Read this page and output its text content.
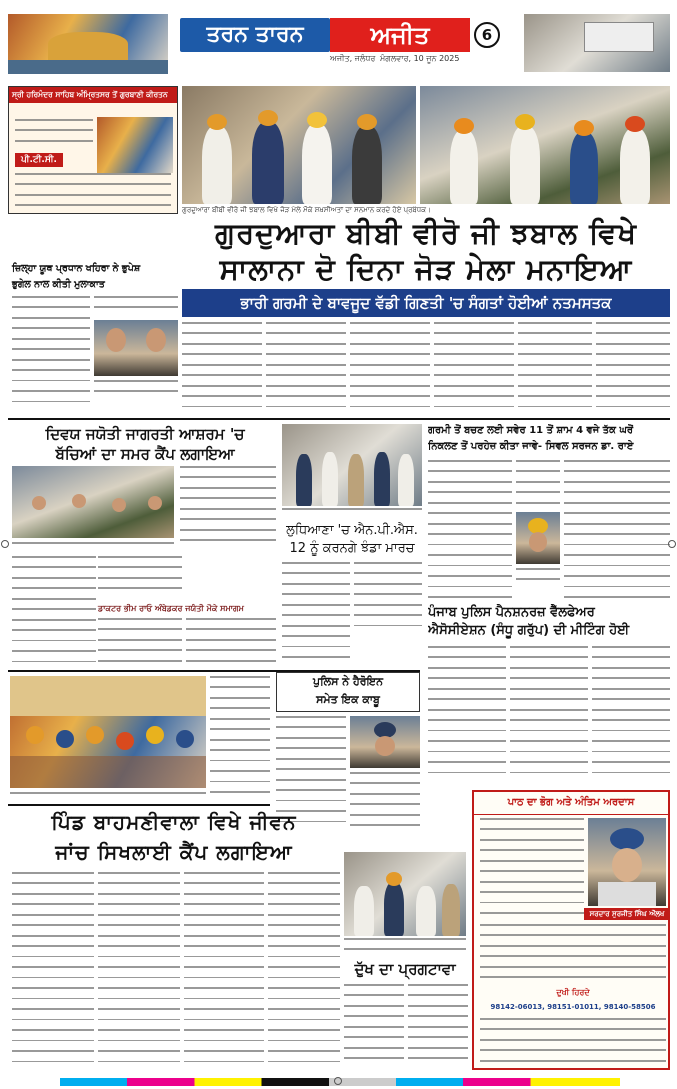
ਤਰਨ ਤਾਰਨ	ਅਜੀਤ	6
ਅਜੀਤ, ਜਲੰਧਰ ਮੰਗਲਵਾਰ, 10 ਜੂਨ 2025
ਸ੍ਰੀ ਹਰਿਮੰਦਰ ਸਾਹਿਬ ਅੰਮ੍ਰਿਤਸਰ ਤੋਂ ਗੁਰਬਾਣੀ ਕੀਰਤਨ
ਪੀ.ਟੀ.ਸੀ.
ਗੁਰਦੁਆਰਾ ਬੀਬੀ ਵੀਰੋ ਜੀ ਝਬਾਲ ਵਿਖੇ ਜੋੜ ਮੇਲੇ ਮੌਕੇ ਸ਼ਖ਼ਸੀਅਤਾਂ ਦਾ ਸਨਮਾਨ ਕਰਦੇ ਹੋਏ ਪ੍ਰਬੰਧਕ।
ਗੁਰਦੁਆਰਾ ਬੀਬੀ ਵੀਰੋ ਜੀ ਝਬਾਲ ਵਿਖੇ
ਸਾਲਾਨਾ ਦੋ ਦਿਨਾ ਜੋੜ ਮੇਲਾ ਮਨਾਇਆ
ਭਾਰੀ ਗਰਮੀ ਦੇ ਬਾਵਜੂਦ ਵੱਡੀ ਗਿਣਤੀ 'ਚ ਸੰਗਤਾਂ ਹੋਈਆਂ ਨਤਮਸਤਕ
ਜ਼ਿਲ੍ਹਾ ਯੂਥ ਪ੍ਰਧਾਨ ਖਹਿਰਾ ਨੇ ਭੁਪੇਸ਼
ਭੁਗੇਲ ਨਾਲ ਕੀਤੀ ਮੁਲਾਕਾਤ
ਦਿਵਯ ਜਯੋਤੀ ਜਾਗਰਤੀ ਆਸ਼ਰਮ 'ਚ
ਬੱਚਿਆਂ ਦਾ ਸਮਰ ਕੈਂਪ ਲਗਾਇਆ
ਡਾਕਟਰ ਭੀਮ ਰਾਓ ਅੰਬੇਡਕਰ ਜਯੰਤੀ ਮੌਕੇ ਸਮਾਗਮ
ਲੁਧਿਆਣਾ 'ਚ ਐਨ.ਪੀ.ਐਸ.
12 ਨੂੰ ਕਰਨਗੇ ਝੰਡਾ ਮਾਰਚ
ਗਰਮੀ ਤੋਂ ਬਚਣ ਲਈ ਸਵੇਰ 11 ਤੋਂ ਸ਼ਾਮ 4 ਵਜੇ ਤੱਕ ਘਰੋਂ
ਨਿਕਲਣ ਤੋਂ ਪਰਹੇਜ਼ ਕੀਤਾ ਜਾਵੇ- ਸਿਵਲ ਸਰਜਨ ਡਾ. ਰਾਏ
ਪੰਜਾਬ ਪੁਲਿਸ ਪੈਨਸ਼ਨਰਜ਼ ਵੈੱਲਫੇਅਰ
ਐਸੋਸੀਏਸ਼ਨ (ਸੰਧੂ ਗਰੁੱਪ) ਦੀ ਮੀਟਿੰਗ ਹੋਈ
ਪੁਲਿਸ ਨੇ ਹੈਰੋਇਨ
ਸਮੇਤ ਇਕ ਕਾਬੂ
ਪਿੰਡ ਬਾਹਮਣੀਵਾਲਾ ਵਿਖੇ ਜੀਵਨ
ਜਾਂਚ ਸਿਖਲਾਈ ਕੈਂਪ ਲਗਾਇਆ
ਦੁੱਖ ਦਾ ਪ੍ਰਗਟਾਵਾ
ਪਾਠ ਦਾ ਭੋਗ ਅਤੇ ਅੰਤਿਮ ਅਰਦਾਸ
ਸਰਦਾਰ ਸੁਰਜੀਤ ਸਿੰਘ ਔਲਖ
ਦੁਖੀ ਹਿਰਦੇ
98142-06013, 98151-01011, 98140-58506
